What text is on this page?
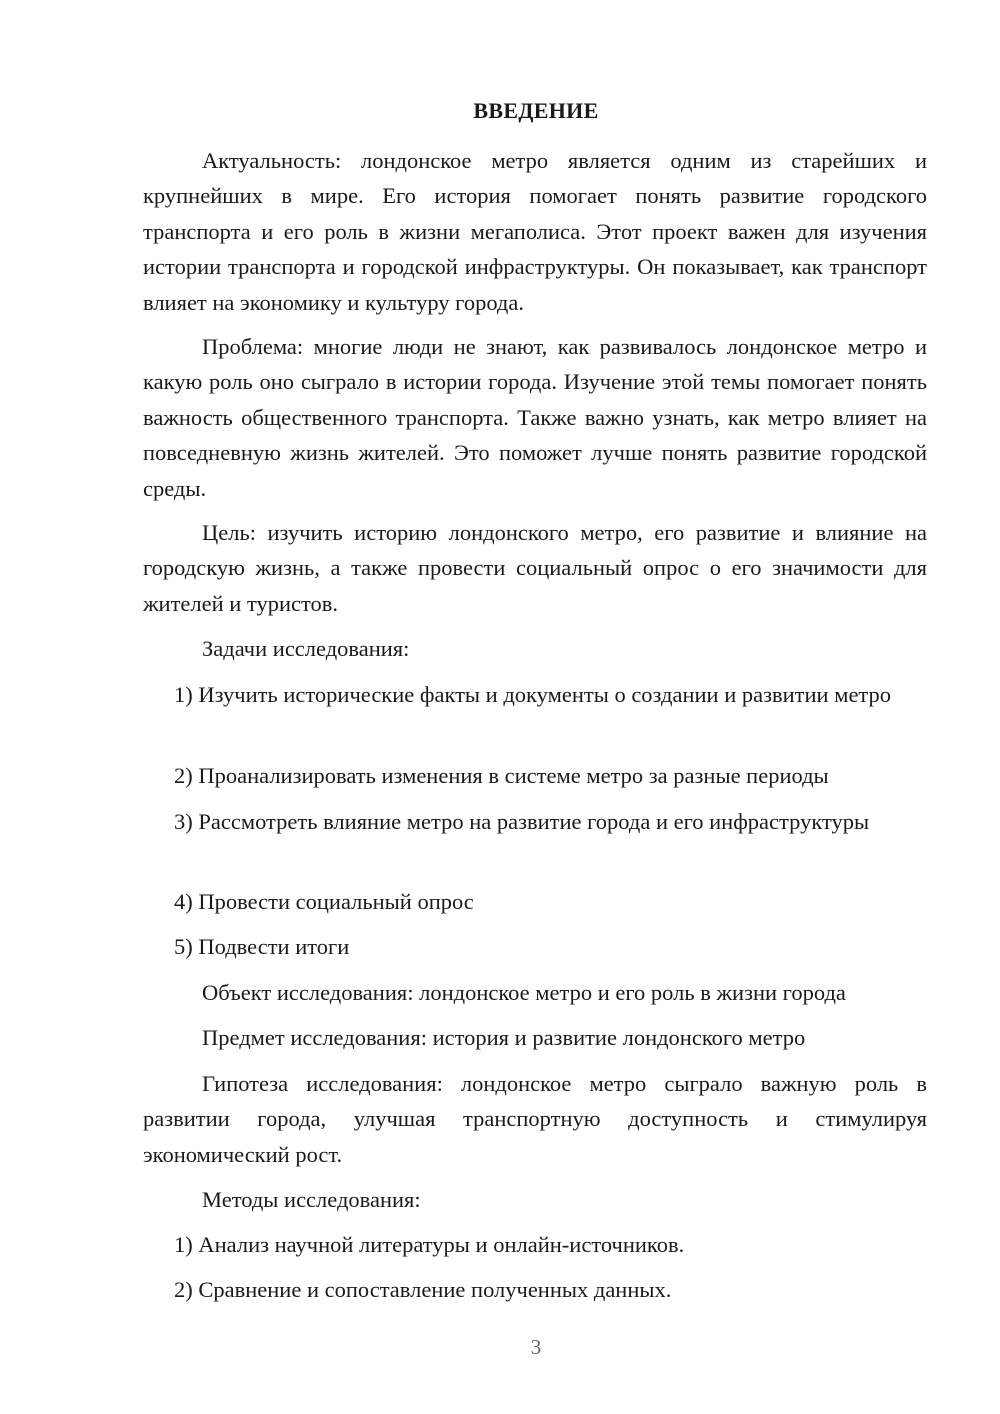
ВВЕДЕНИЕ

Актуальность: лондонское метро является одним из старейших и крупнейших в мире. Его история помогает понять развитие городского транспорта и его роль в жизни мегаполиса. Этот проект важен для изучения истории транспорта и городской инфраструктуры. Он показывает, как транспорт влияет на экономику и культуру города.

Проблема: многие люди не знают, как развивалось лондонское метро и какую роль оно сыграло в истории города. Изучение этой темы помогает понять важность общественного транспорта. Также важно узнать, как метро влияет на повседневную жизнь жителей. Это поможет лучше понять развитие городской среды.

Цель: изучить историю лондонского метро, его развитие и влияние на городскую жизнь, а также провести социальный опрос о его значимости для жителей и туристов.

Задачи исследования:

1) Изучить исторические факты и документы о создании и развитии метро

2) Проанализировать изменения в системе метро за разные периоды

3) Рассмотреть влияние метро на развитие города и его инфраструктуры

4) Провести социальный опрос

5) Подвести итоги

Объект исследования: лондонское метро и его роль в жизни города

Предмет исследования: история и развитие лондонского метро

Гипотеза исследования: лондонское метро сыграло важную роль в развитии города, улучшая транспортную доступность и стимулируя экономический рост.

Методы исследования:

1) Анализ научной литературы и онлайн-источников.

2) Сравнение и сопоставление полученных данных.

3
